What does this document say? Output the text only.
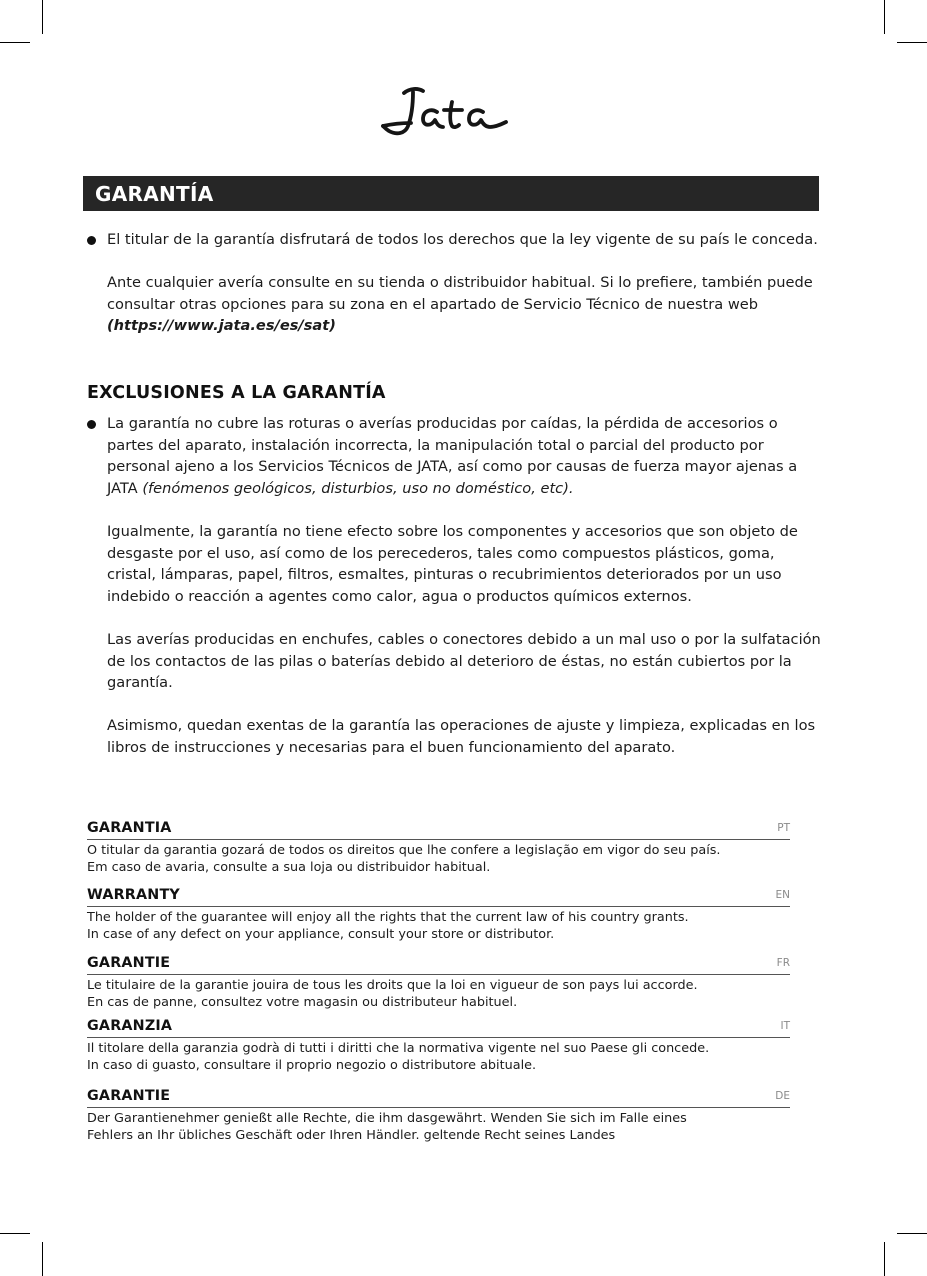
GARANTÍA

El titular de la garantía disfrutará de todos los derechos que la ley vigente de su país le conceda.

Ante cualquier avería consulte en su tienda o distribuidor habitual. Si lo prefiere, también puede consultar otras opciones para su zona en el apartado de Servicio Técnico de nuestra web (https://www.jata.es/es/sat)

EXCLUSIONES A LA GARANTÍA

La garantía no cubre las roturas o averías producidas por caídas, la pérdida de accesorios o partes del aparato, instalación incorrecta, la manipulación total o parcial del producto por personal ajeno a los Servicios Técnicos de JATA, así como por causas de fuerza mayor ajenas a JATA (fenómenos geológicos, disturbios, uso no doméstico, etc).

Igualmente, la garantía no tiene efecto sobre los componentes y accesorios que son objeto de desgaste por el uso, así como de los perecederos, tales como compuestos plásticos, goma, cristal, lámparas, papel, filtros, esmaltes, pinturas o recubrimientos deteriorados por un uso indebido o reacción a agentes como calor, agua o productos químicos externos.

Las averías producidas en enchufes, cables o conectores debido a un mal uso o por la sulfatación de los contactos de las pilas o baterías debido al deterioro de éstas, no están cubiertos por la garantía.

Asimismo, quedan exentas de la garantía las operaciones de ajuste y limpieza, explicadas en los libros de instrucciones y necesarias para el buen funcionamiento del aparato.

GARANTIA	PT
O titular da garantia gozará de todos os direitos que lhe confere a legislação em vigor do seu país.
Em caso de avaria, consulte a sua loja ou distribuidor habitual.
WARRANTY	EN
The holder of the guarantee will enjoy all the rights that the current law of his country grants.
In case of any defect on your appliance, consult your store or distributor.
GARANTIE	FR
Le titulaire de la garantie jouira de tous les droits que la loi en vigueur de son pays lui accorde.
En cas de panne, consultez votre magasin ou distributeur habituel.
GARANZIA	IT
Il titolare della garanzia godrà di tutti i diritti che la normativa vigente nel suo Paese gli concede.
In caso di guasto, consultare il proprio negozio o distributore abituale.
GARANTIE	DE
Der Garantienehmer genießt alle Rechte, die ihm dasgewährt. Wenden Sie sich im Falle eines
Fehlers an Ihr übliches Geschäft oder Ihren Händler. geltende Recht seines Landes
